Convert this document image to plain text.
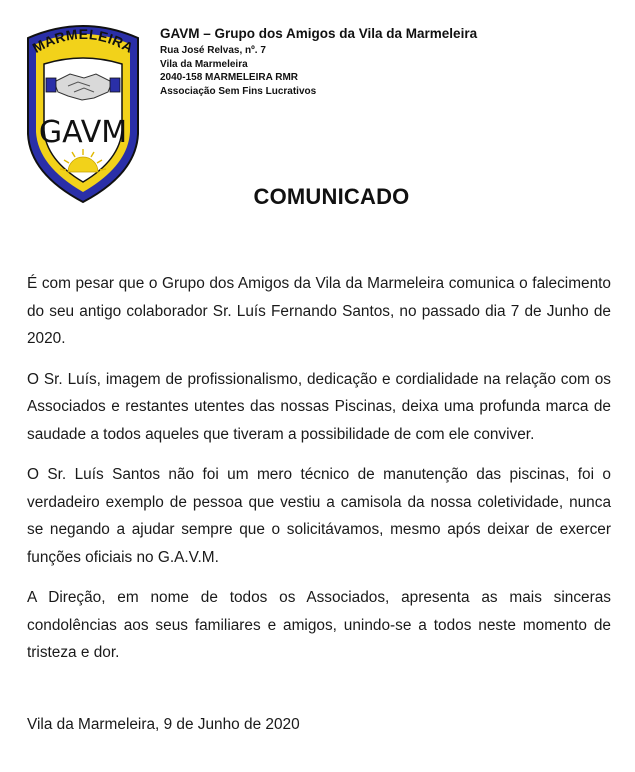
MARMELEIRA
GAVM
GAVM – Grupo dos Amigos da Vila da Marmeleira
Rua José Relvas, nº. 7
Vila da Marmeleira
2040-158 MARMELEIRA RMR
Associação Sem Fins Lucrativos
COMUNICADO

É com pesar que o Grupo dos Amigos da Vila da Marmeleira comunica o falecimento do seu antigo colaborador Sr. Luís Fernando Santos, no passado dia 7 de Junho de 2020.

O Sr. Luís, imagem de profissionalismo, dedicação e cordialidade na relação com os Associados e restantes utentes das nossas Piscinas, deixa uma profunda marca de saudade a todos aqueles que tiveram a possibilidade de com ele conviver.

O Sr. Luís Santos não foi um mero técnico de manutenção das piscinas, foi o verdadeiro exemplo de pessoa que vestiu a camisola da nossa coletividade, nunca se negando a ajudar sempre que o solicitávamos, mesmo após deixar de exercer funções oficiais no G.A.V.M.

A Direção, em nome de todos os Associados, apresenta as mais sinceras condolências aos seus familiares e amigos, unindo-se a todos neste momento de tristeza e dor.

Vila da Marmeleira, 9 de Junho de 2020
